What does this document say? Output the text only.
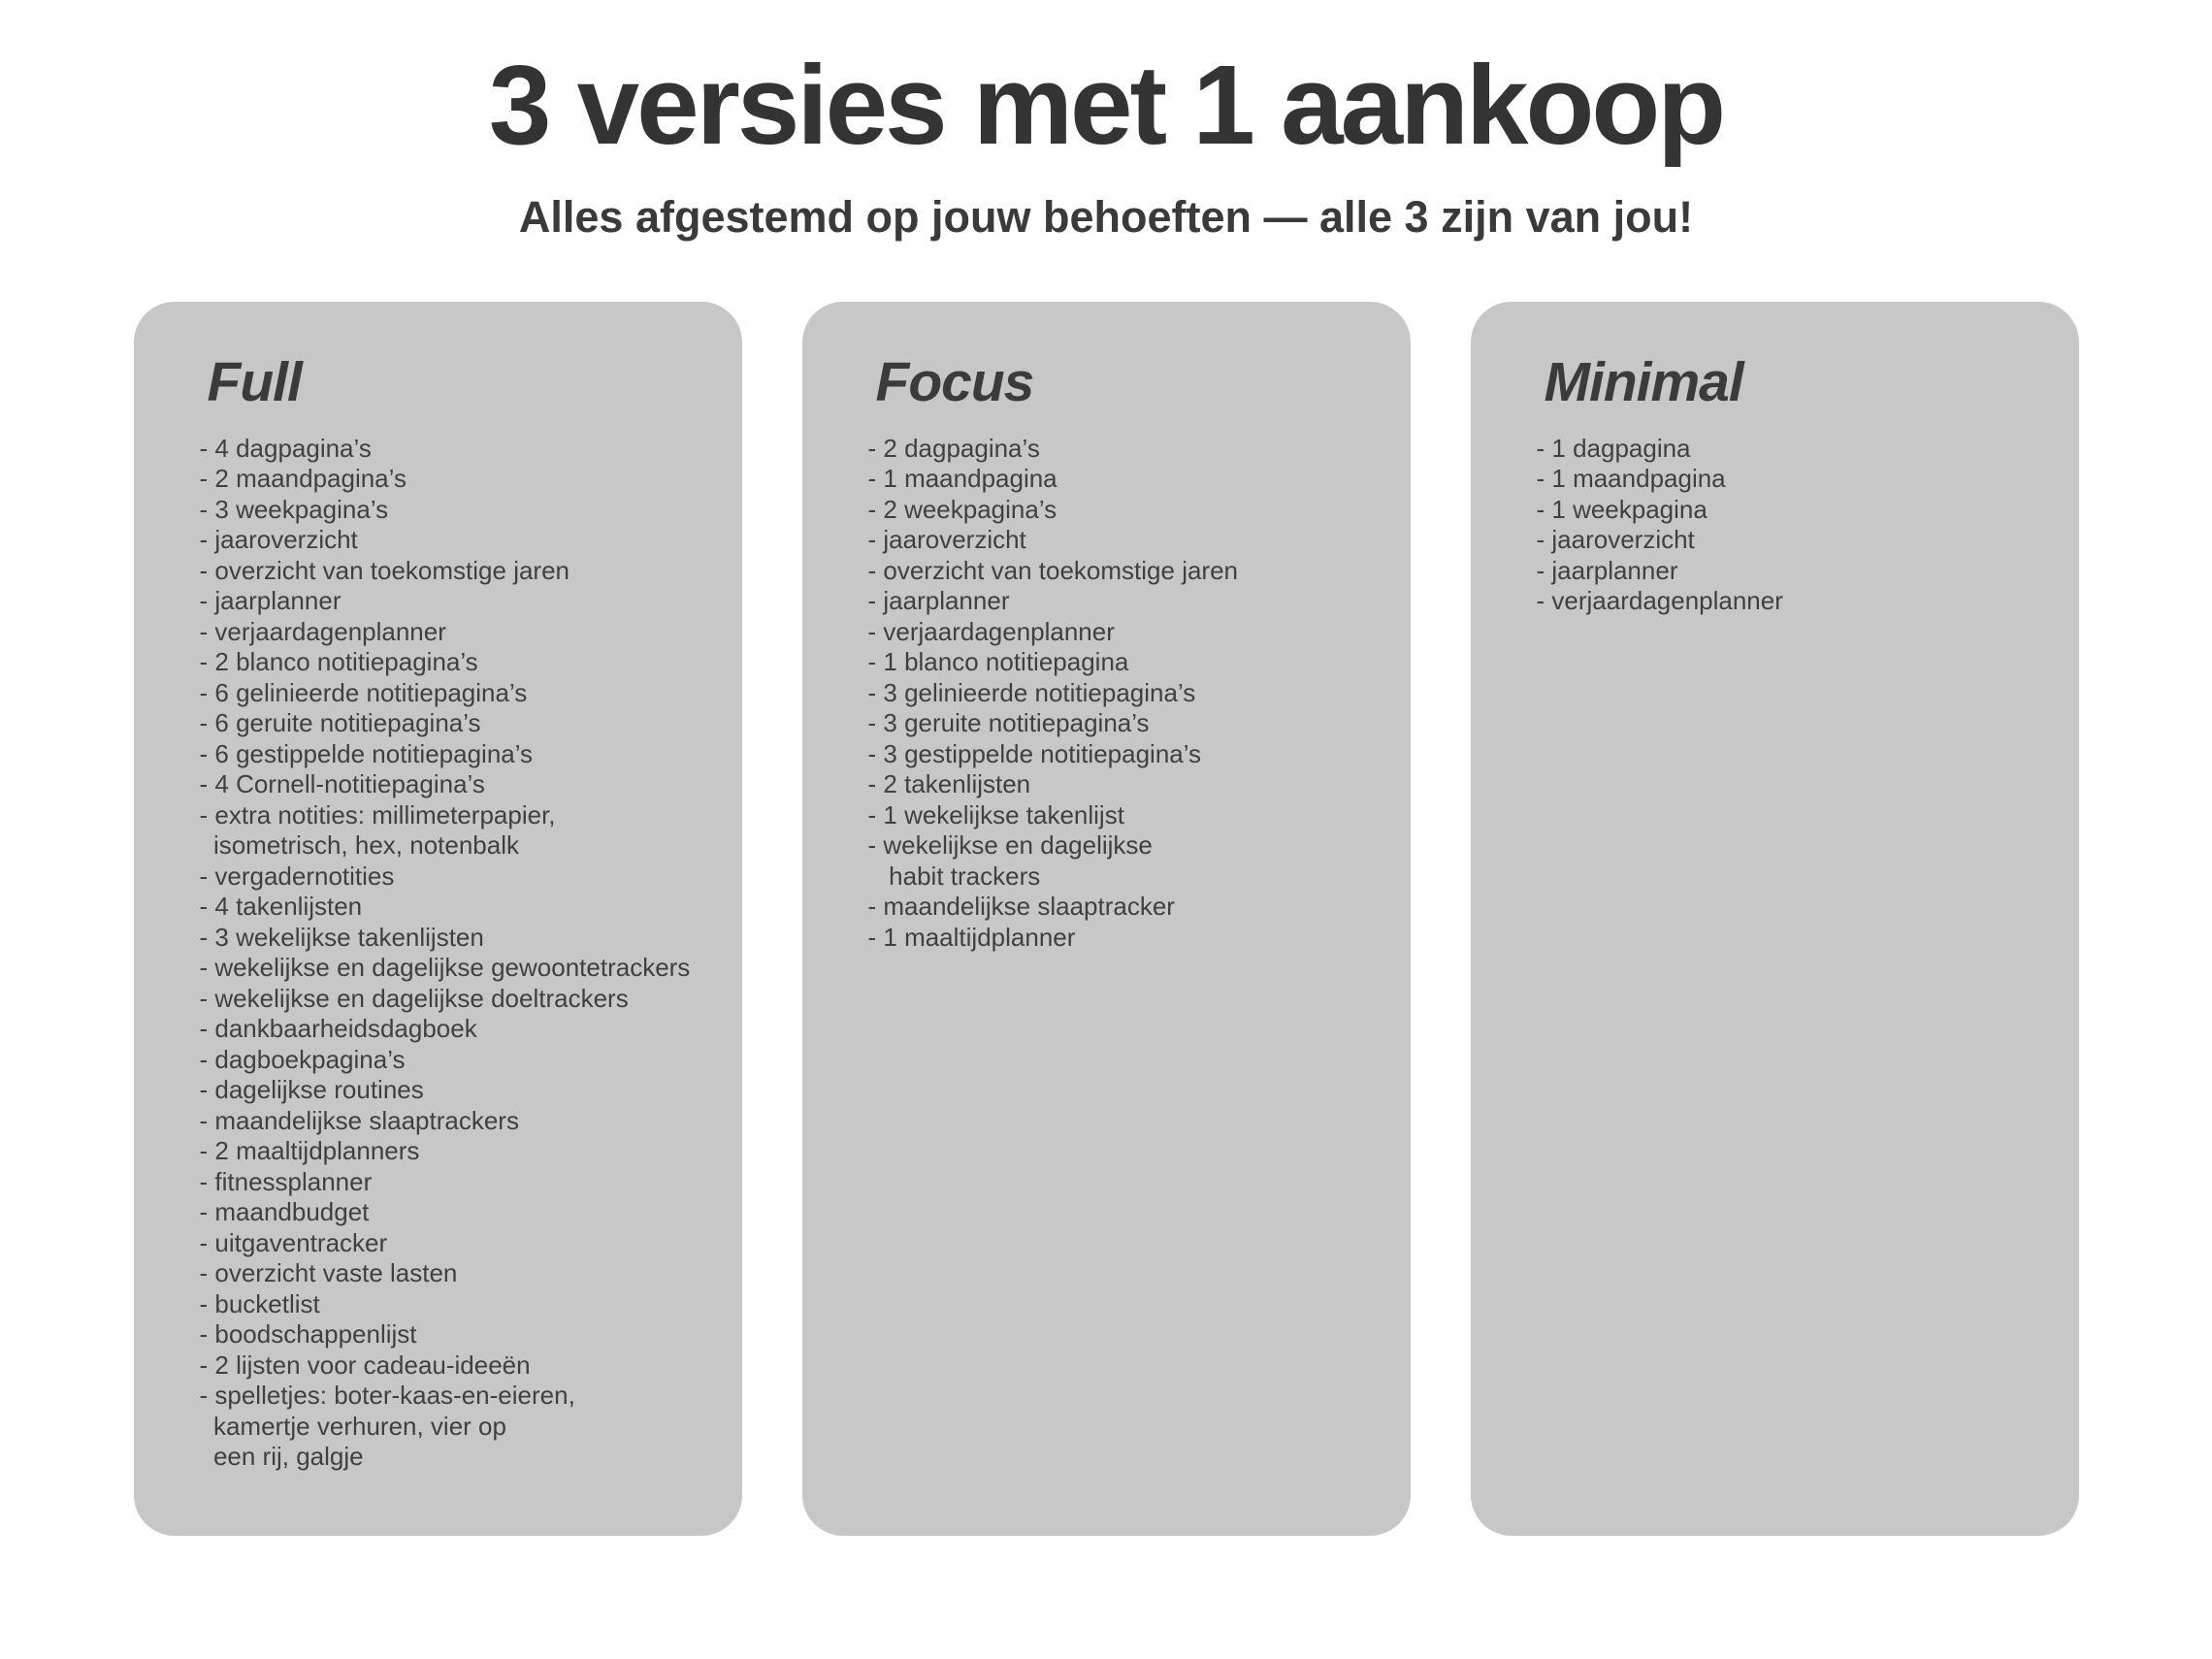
3 versies met 1 aankoop

Alles afgestemd op jouw behoeften — alle 3 zijn van jou!

Full
- 4 dagpagina’s
- 2 maandpagina’s
- 3 weekpagina’s
- jaaroverzicht
- overzicht van toekomstige jaren
- jaarplanner
- verjaardagenplanner
- 2 blanco notitiepagina’s
- 6 gelinieerde notitiepagina’s
- 6 geruite notitiepagina’s
- 6 gestippelde notitiepagina’s
- 4 Cornell-notitiepagina’s
- extra notities: millimeterpapier,
isometrisch, hex, notenbalk
- vergadernotities
- 4 takenlijsten
- 3 wekelijkse takenlijsten
- wekelijkse en dagelijkse gewoontetrackers
- wekelijkse en dagelijkse doeltrackers
- dankbaarheidsdagboek
- dagboekpagina’s
- dagelijkse routines
- maandelijkse slaaptrackers
- 2 maaltijdplanners
- fitnessplanner
- maandbudget
- uitgaventracker
- overzicht vaste lasten
- bucketlist
- boodschappenlijst
- 2 lijsten voor cadeau-ideeën
- spelletjes: boter-kaas-en-eieren,
kamertje verhuren, vier op
een rij, galgje
Focus
- 2 dagpagina’s
- 1 maandpagina
- 2 weekpagina’s
- jaaroverzicht
- overzicht van toekomstige jaren
- jaarplanner
- verjaardagenplanner
- 1 blanco notitiepagina
- 3 gelinieerde notitiepagina’s
- 3 geruite notitiepagina’s
- 3 gestippelde notitiepagina’s
- 2 takenlijsten
- 1 wekelijkse takenlijst
- wekelijkse en dagelijkse
habit trackers
- maandelijkse slaaptracker
- 1 maaltijdplanner
Minimal
- 1 dagpagina
- 1 maandpagina
- 1 weekpagina
- jaaroverzicht
- jaarplanner
- verjaardagenplanner
